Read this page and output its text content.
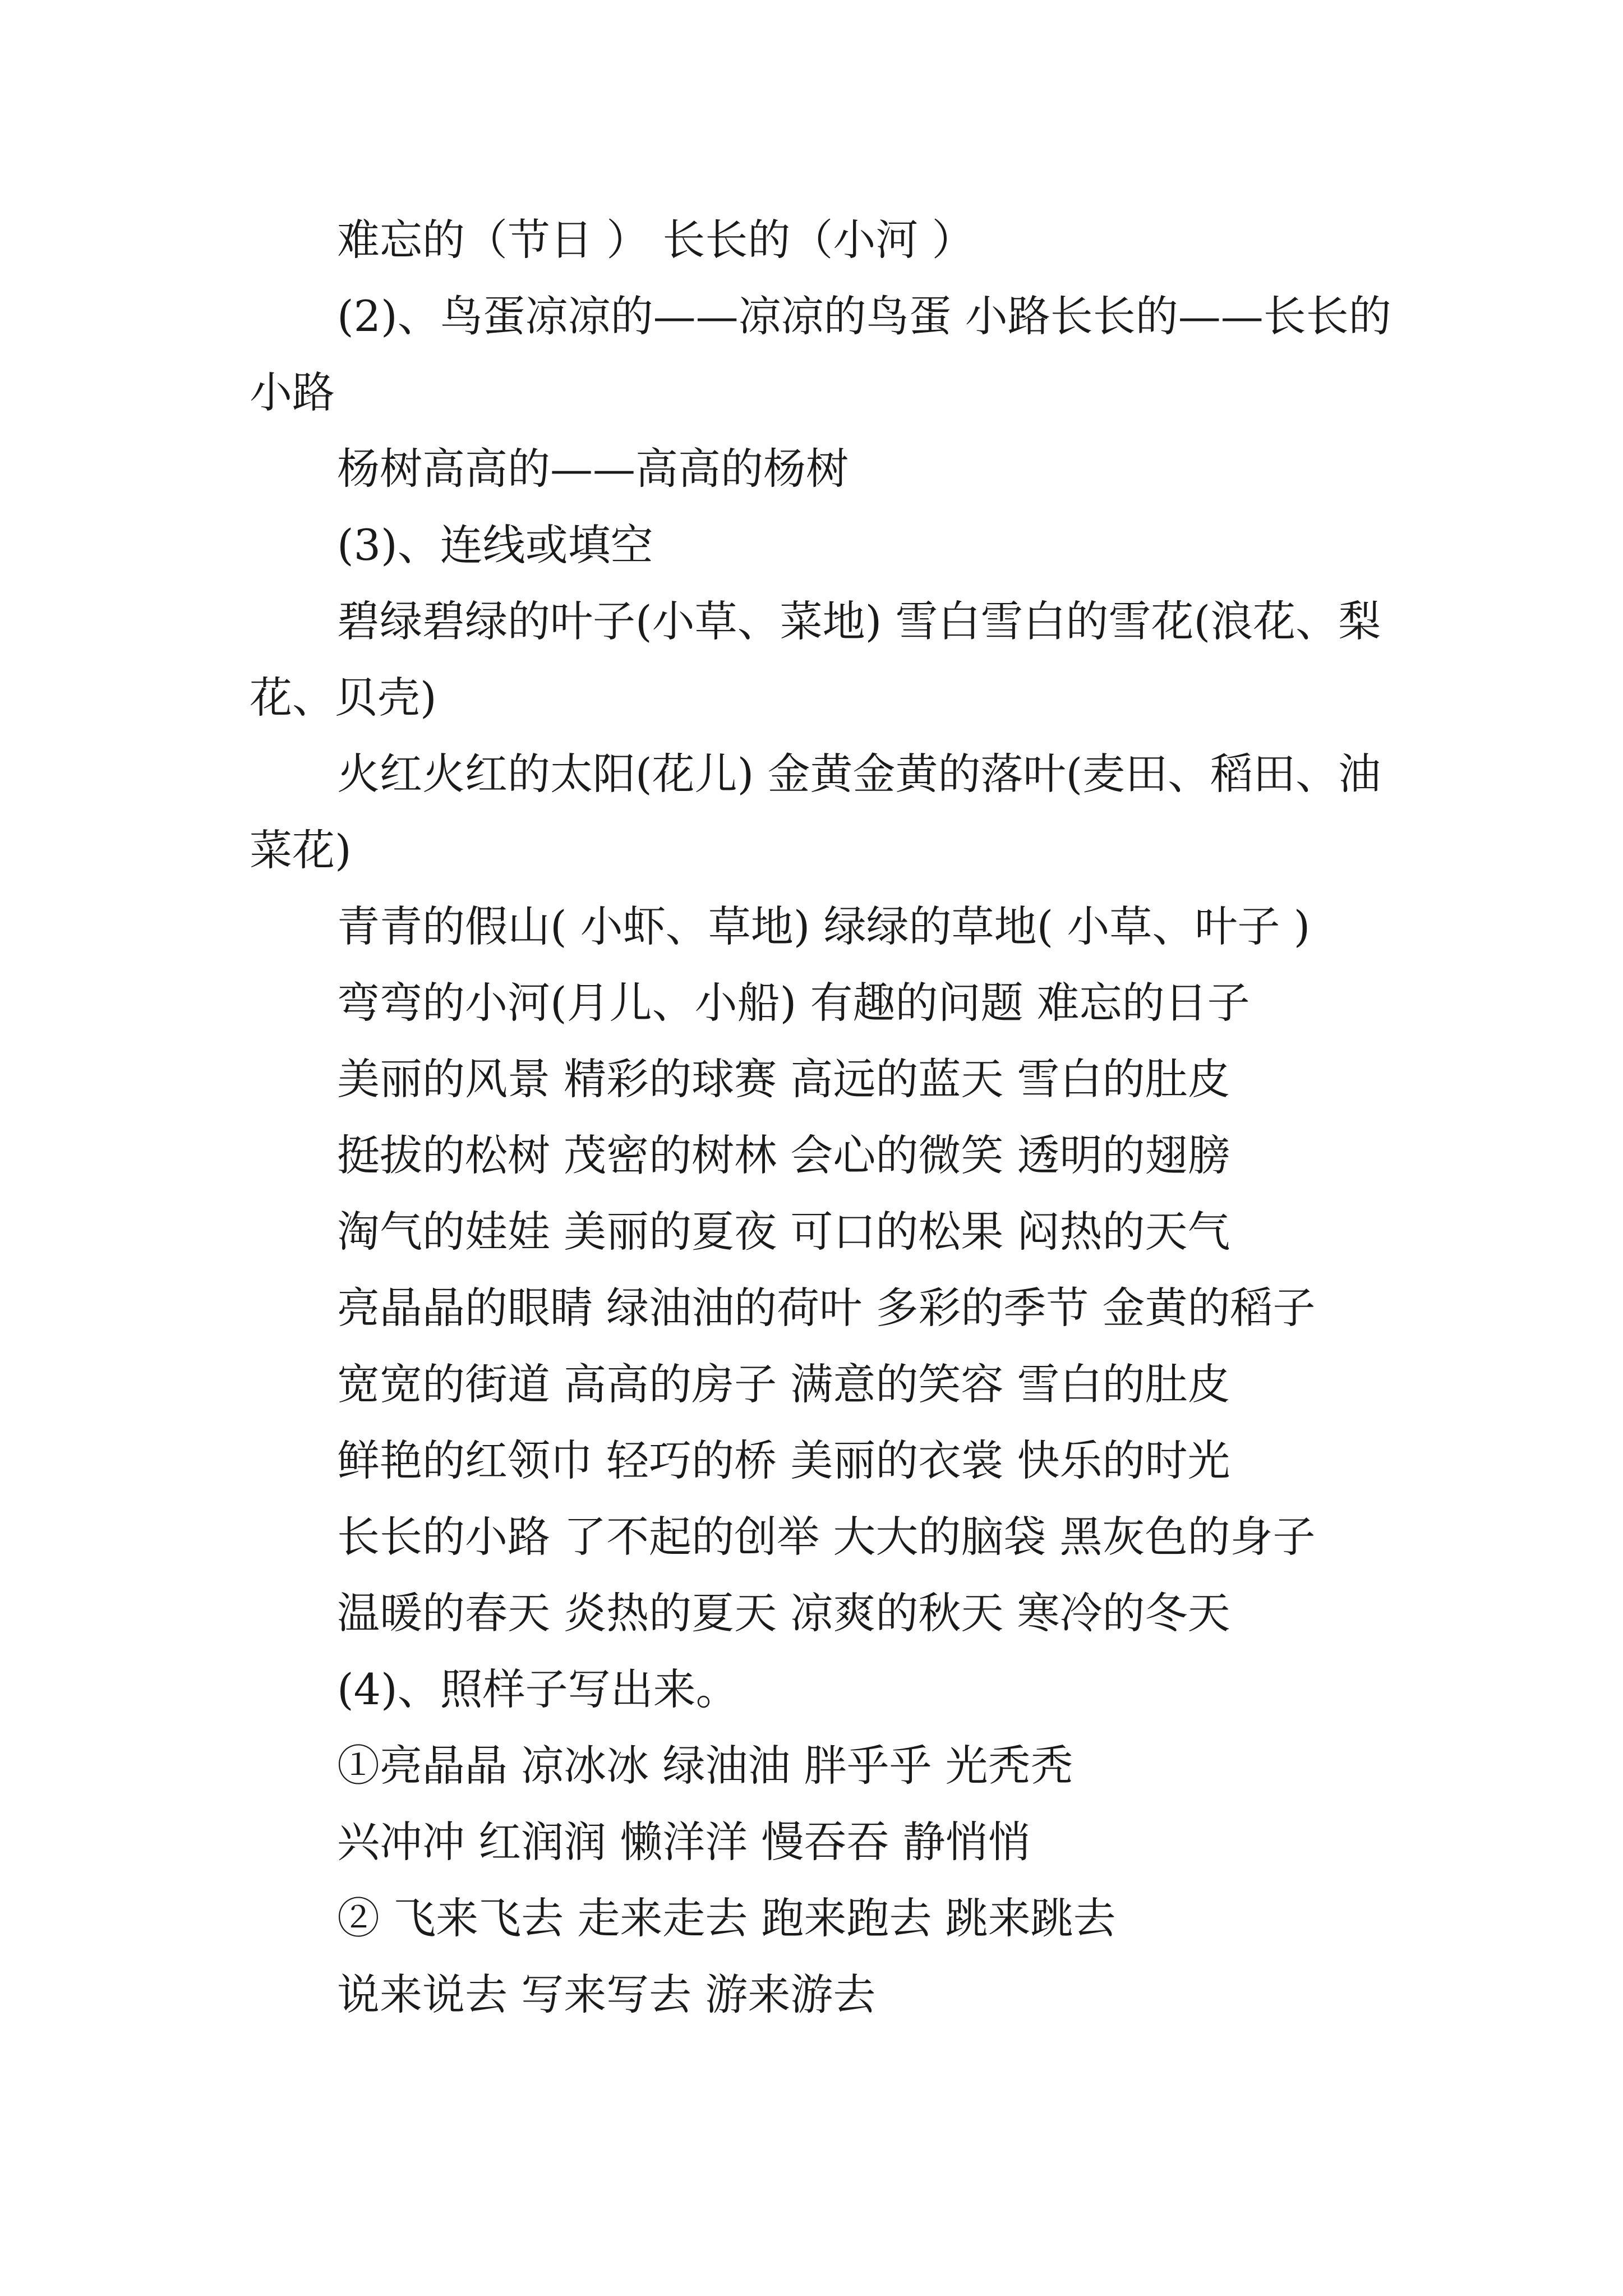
难忘的（节日 ） 长长的（小河 ）

(2)、鸟蛋凉凉的——凉凉的鸟蛋 小路长长的——长长的小路

杨树高高的——高高的杨树

(3)、连线或填空

碧绿碧绿的叶子(小草、菜地) 雪白雪白的雪花(浪花、梨花、贝壳)

火红火红的太阳(花儿) 金黄金黄的落叶(麦田、稻田、油菜花)

青青的假山( 小虾、草地) 绿绿的草地( 小草、叶子 )

弯弯的小河(月儿、小船) 有趣的问题 难忘的日子

美丽的风景 精彩的球赛 高远的蓝天 雪白的肚皮

挺拔的松树 茂密的树林 会心的微笑 透明的翅膀

淘气的娃娃 美丽的夏夜 可口的松果 闷热的天气

亮晶晶的眼睛 绿油油的荷叶 多彩的季节 金黄的稻子

宽宽的街道 高高的房子 满意的笑容 雪白的肚皮

鲜艳的红领巾 轻巧的桥 美丽的衣裳 快乐的时光

长长的小路 了不起的创举 大大的脑袋 黑灰色的身子

温暖的春天 炎热的夏天 凉爽的秋天 寒冷的冬天

(4)、照样子写出来。

①亮晶晶 凉冰冰 绿油油 胖乎乎 光秃秃

兴冲冲 红润润 懒洋洋 慢吞吞 静悄悄

② 飞来飞去 走来走去 跑来跑去 跳来跳去

说来说去 写来写去 游来游去
